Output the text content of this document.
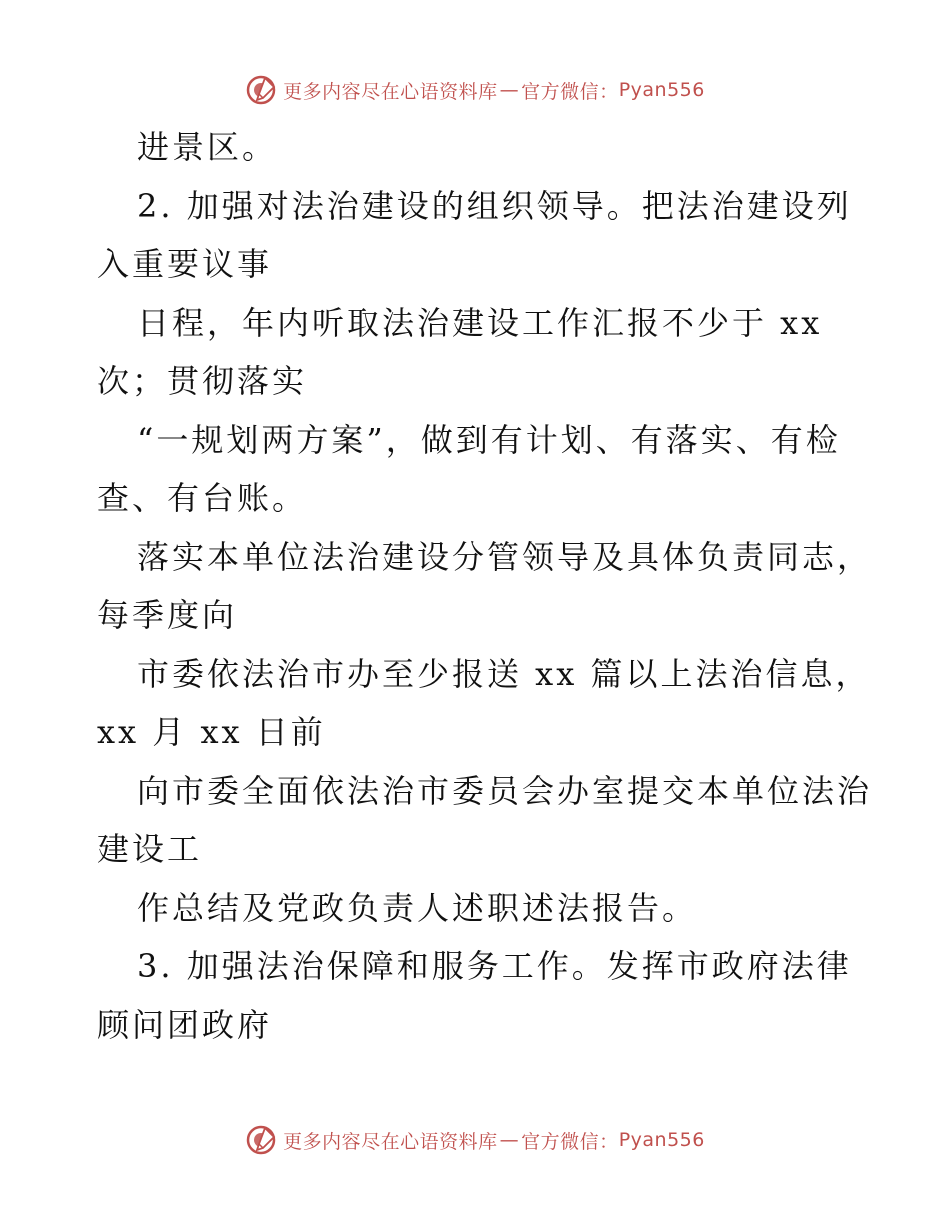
更多内容尽在心语资料库 — 官方微信： Pyan556
进景区。
2. 加强对法治建设的组织领导。把法治建设列
入重要议事
日程，年内听取法治建设工作汇报不少于 xx
次；贯彻落实
“一规划两方案”，做到有计划、有落实、有检
查、有台账。
落实本单位法治建设分管领导及具体负责同志，
每季度向
市委依法治市办至少报送 xx 篇以上法治信息，
xx 月 xx 日前
向市委全面依法治市委员会办室提交本单位法治
建设工
作总结及党政负责人述职述法报告。
3. 加强法治保障和服务工作。发挥市政府法律
顾问团政府
更多内容尽在心语资料库 — 官方微信： Pyan556
